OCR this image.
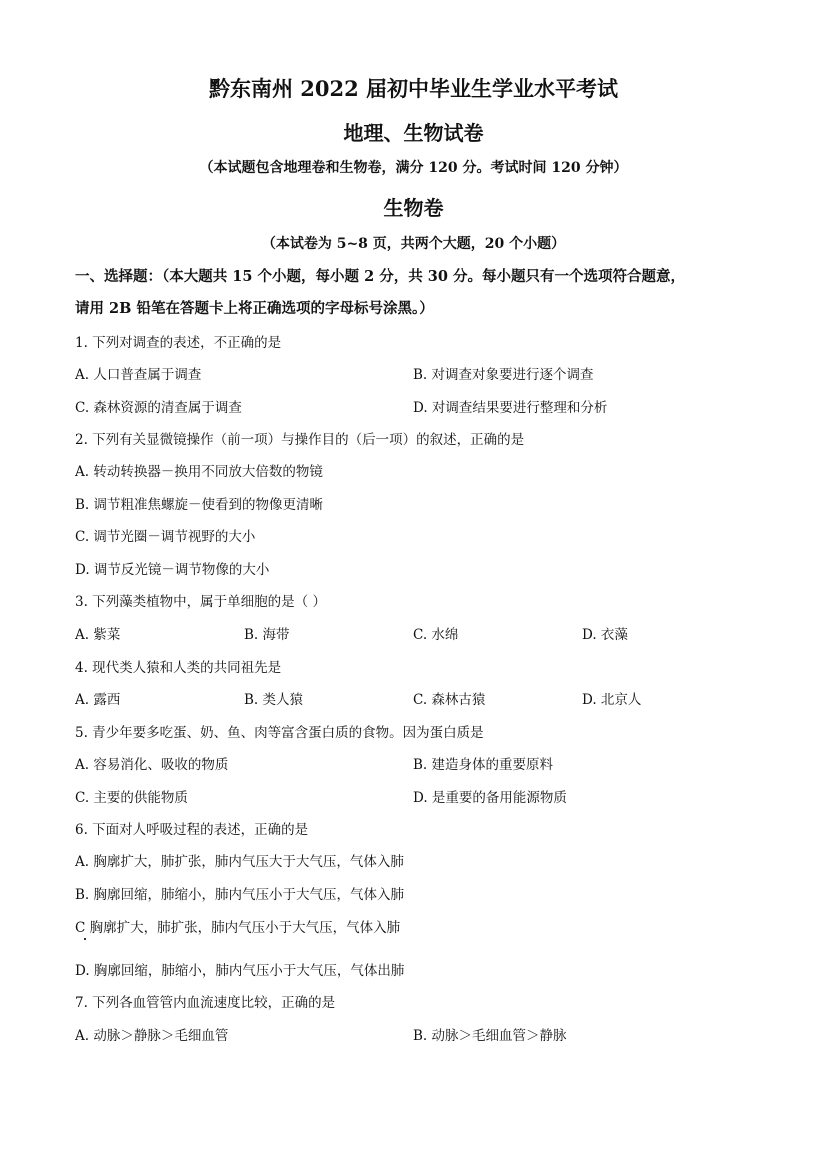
黔东南州 2022 届初中毕业生学业水平考试
地理、生物试卷
（本试题包含地理卷和生物卷，满分 120 分。考试时间 120 分钟）
生物卷
（本试卷为 5~8 页，共两个大题，20 个小题）
一、选择题：（本大题共 15 个小题，每小题 2 分，共 30 分。每小题只有一个选项符合题意，
请用 2B 铅笔在答题卡上将正确选项的字母标号涂黑。）
1. 下列对调查的表述，不正确的是
A. 人口普查属于调查	B. 对调查对象要进行逐个调查
C. 森林资源的清查属于调查	D. 对调查结果要进行整理和分析
2. 下列有关显微镜操作（前一项）与操作目的（后一项）的叙述，正确的是
A. 转动转换器－换用不同放大倍数的物镜
B. 调节粗准焦螺旋－使看到的物像更清晰
C. 调节光圈－调节视野的大小
D. 调节反光镜－调节物像的大小
3. 下列藻类植物中，属于单细胞的是（ ）
A. 紫菜	B. 海带	C. 水绵	D. 衣藻
4. 现代类人猿和人类的共同祖先是
A. 露西	B. 类人猿	C. 森林古猿	D. 北京人
5. 青少年要多吃蛋、奶、鱼、肉等富含蛋白质的食物。因为蛋白质是
A. 容易消化、吸收的物质	B. 建造身体的重要原料
C. 主要的供能物质	D. 是重要的备用能源物质
6. 下面对人呼吸过程的表述，正确的是
A. 胸廓扩大，肺扩张，肺内气压大于大气压，气体入肺
B. 胸廓回缩，肺缩小，肺内气压小于大气压，气体入肺
C 胸廓扩大，肺扩张，肺内气压小于大气压，气体入肺
D. 胸廓回缩，肺缩小，肺内气压小于大气压，气体出肺
7. 下列各血管管内血流速度比较，正确的是
A. 动脉＞静脉＞毛细血管	B. 动脉＞毛细血管＞静脉
